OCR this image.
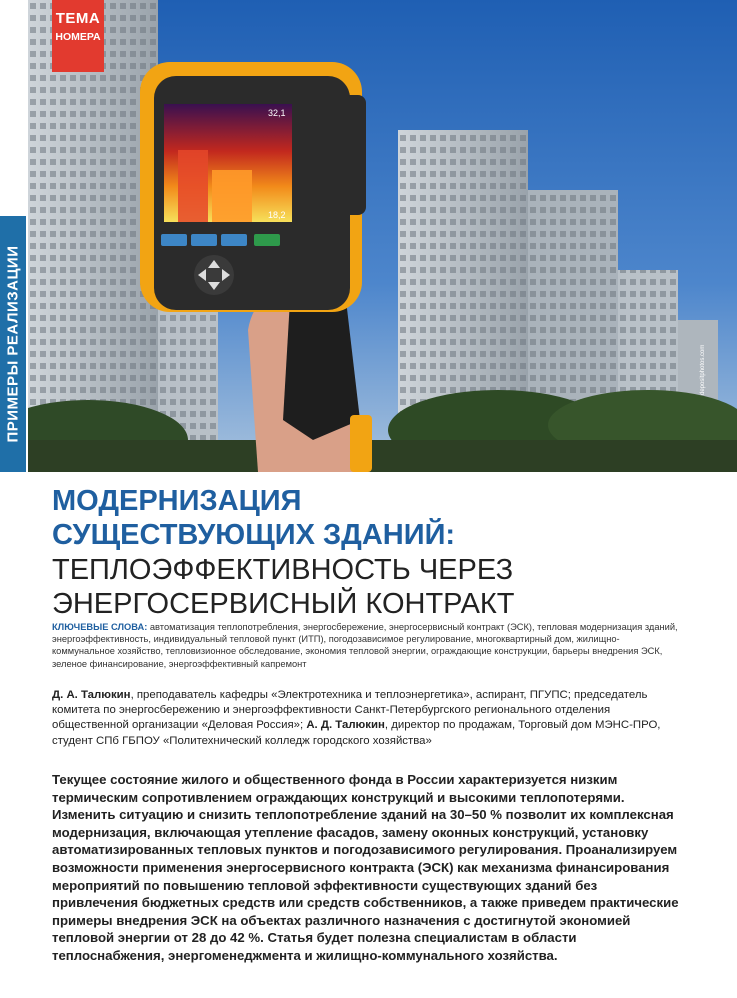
ПРИМЕРЫ РЕАЛИЗАЦИИ
ТЕМА
НОМЕРА
32,1
18,2
depositphotos.com
МОДЕРНИЗАЦИЯ
СУЩЕСТВУЮЩИХ ЗДАНИЙ:
ТЕПЛОЭФФЕКТИВНОСТЬ ЧЕРЕЗ
ЭНЕРГОСЕРВИСНЫЙ КОНТРАКТ
КЛЮЧЕВЫЕ СЛОВА: автоматизация теплопотребления, энергосбережение, энергосервисный контракт (ЭСК), тепловая модернизация зданий, энергоэффективность, индивидуальный тепловой пункт (ИТП), погодозависимое регулирование, многоквартирный дом, жилищно-коммунальное хозяйство, тепловизионное обследование, экономия тепловой энергии, ограждающие конструкции, барьеры внедрения ЭСК, зеленое финансирование, энергоэффективный капремонт
Д. А. Талюкин, преподаватель кафедры «Электротехника и теплоэнергетика», аспирант, ПГУПС; председатель комитета по энергосбережению и энергоэффективности Санкт-Петербургского регионального отделения общественной организации «Деловая Россия»; А. Д. Талюкин, директор по продажам, Торговый дом МЭНС-ПРО, студент СПб ГБПОУ «Политехнический колледж городского хозяйства»
Текущее состояние жилого и общественного фонда в России характеризуется низким термическим сопротивлением ограждающих конструкций и высокими теплопотерями. Изменить ситуацию и снизить теплопотребление зданий на 30–50 % позволит их комплексная модернизация, включающая утепление фасадов, замену оконных конструкций, установку автоматизированных тепловых пунктов и погодозависимого регулирования. Проанализируем возможности применения энергосервисного контракта (ЭСК) как механизма финансирования мероприятий по повышению тепловой эффективности существующих зданий без привлечения бюджетных средств или средств собственников, а также приведем практические примеры внедрения ЭСК на объектах различного назначения с достигнутой экономией тепловой энергии от 28 до 42 %. Статья будет полезна специалистам в области теплоснабжения, энергоменеджмента и жилищно-коммунального хозяйства.
